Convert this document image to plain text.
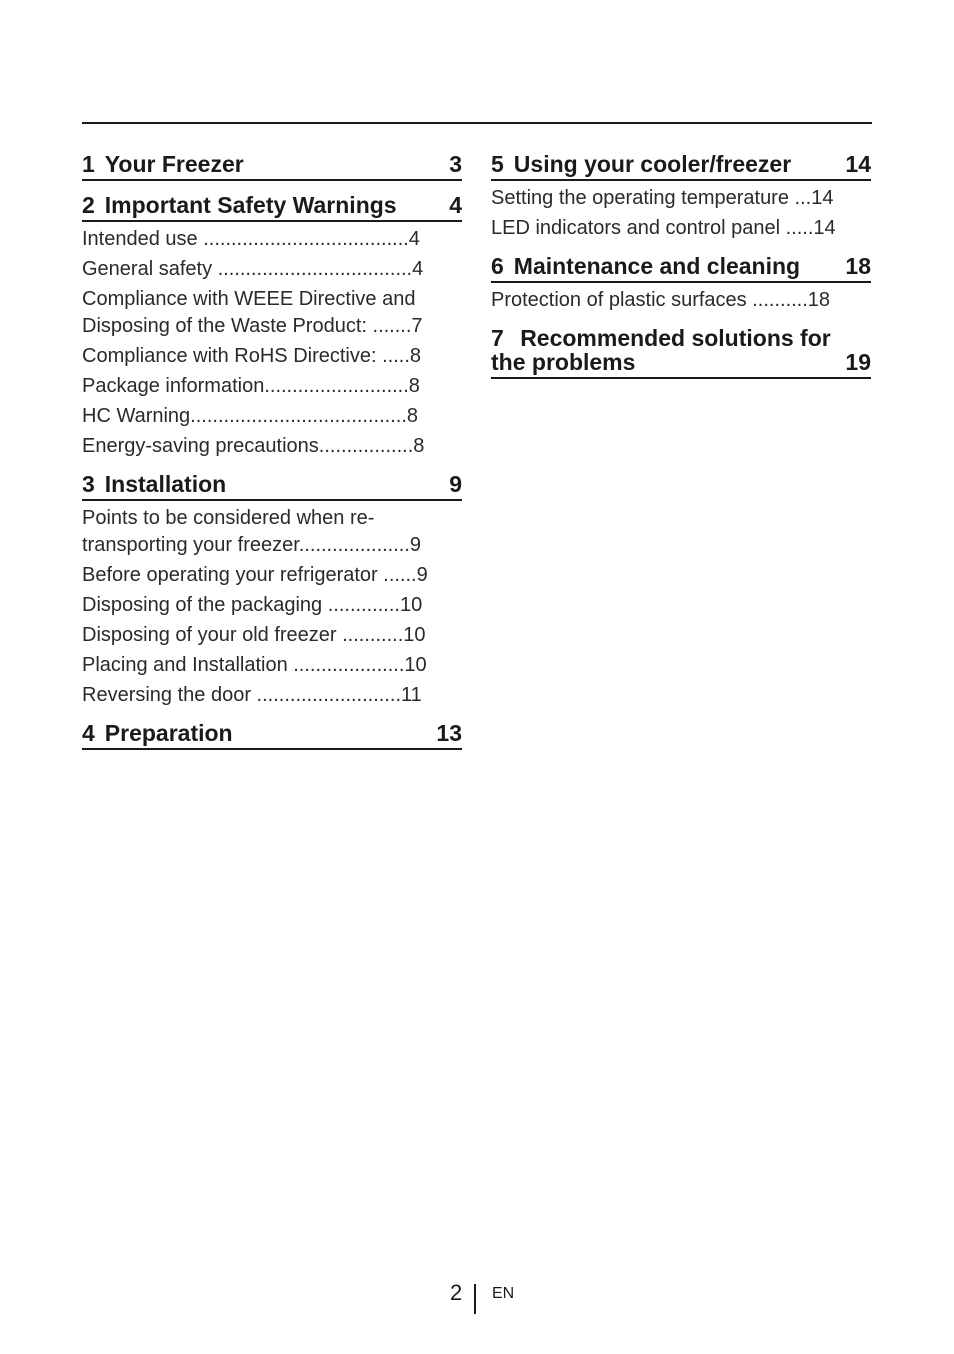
1 Your Freezer	3
2 Important Safety Warnings	4
Intended use .....................................4
General safety ...................................4
Compliance with WEEE Directive and Disposing of the Waste Product: .......7
Compliance with RoHS Directive: .....8
Package information..........................8
HC Warning.......................................8
Energy-saving precautions.................8
3 Installation	9
Points to be considered when re-transporting your freezer....................9
Before operating your refrigerator ......9
Disposing of the packaging .............10
Disposing of your old freezer ...........10
Placing and Installation ....................10
Reversing the door ..........................11
4 Preparation	13
5 Using your cooler/freezer	14
Setting the operating temperature ...14
LED indicators and control panel .....14
6 Maintenance and cleaning	18
Protection of plastic surfaces ..........18
7 Recommended solutions for
the problems	19
2 EN
